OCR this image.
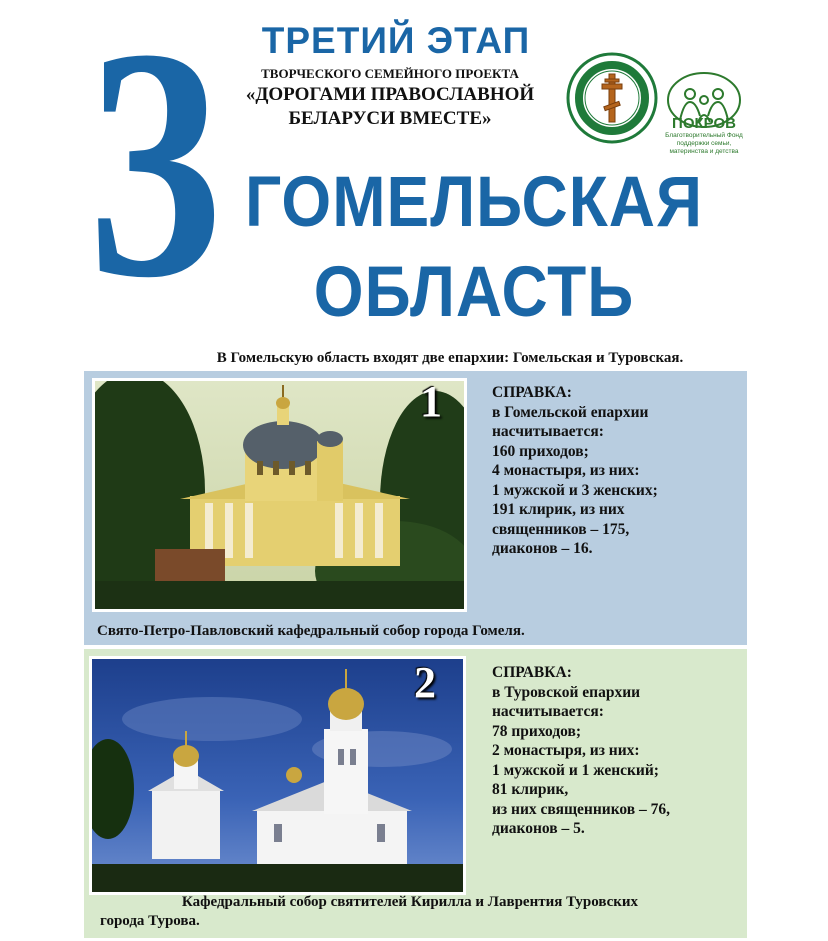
3	ТРЕТИЙ ЭТАП
ТВОРЧЕСКОГО СЕМЕЙНОГО ПРОЕКТА
«ДОРОГАМИ ПРАВОСЛАВНОЙ
БЕЛАРУСИ ВМЕСТЕ»
ГОМЕЛЬСКАЯ
ОБЛАСТЬ
ПОКРОВ
Благотворительный Фонд поддержки семьи, материнства и детства
В Гомельскую область входят две епархии: Гомельская и Туровская.
1	СПРАВКА:
в Гомельской епархии
насчитывается:
160 приходов;
4 монастыря, из них:
1 мужской и 3 женских;
191 клирик, из них
священников – 175,
диаконов – 16.
Свято-Петро-Павловский кафедральный собор города Гомеля.
2	СПРАВКА:
в Туровской епархии
насчитывается:
78 приходов;
2 монастыря, из них:
1 мужской и 1 женский;
81 клирик,
из них священников – 76,
диаконов – 5.
Кафедральный собор святителей Кирилла и Лаврентия Туровских
города Турова.
